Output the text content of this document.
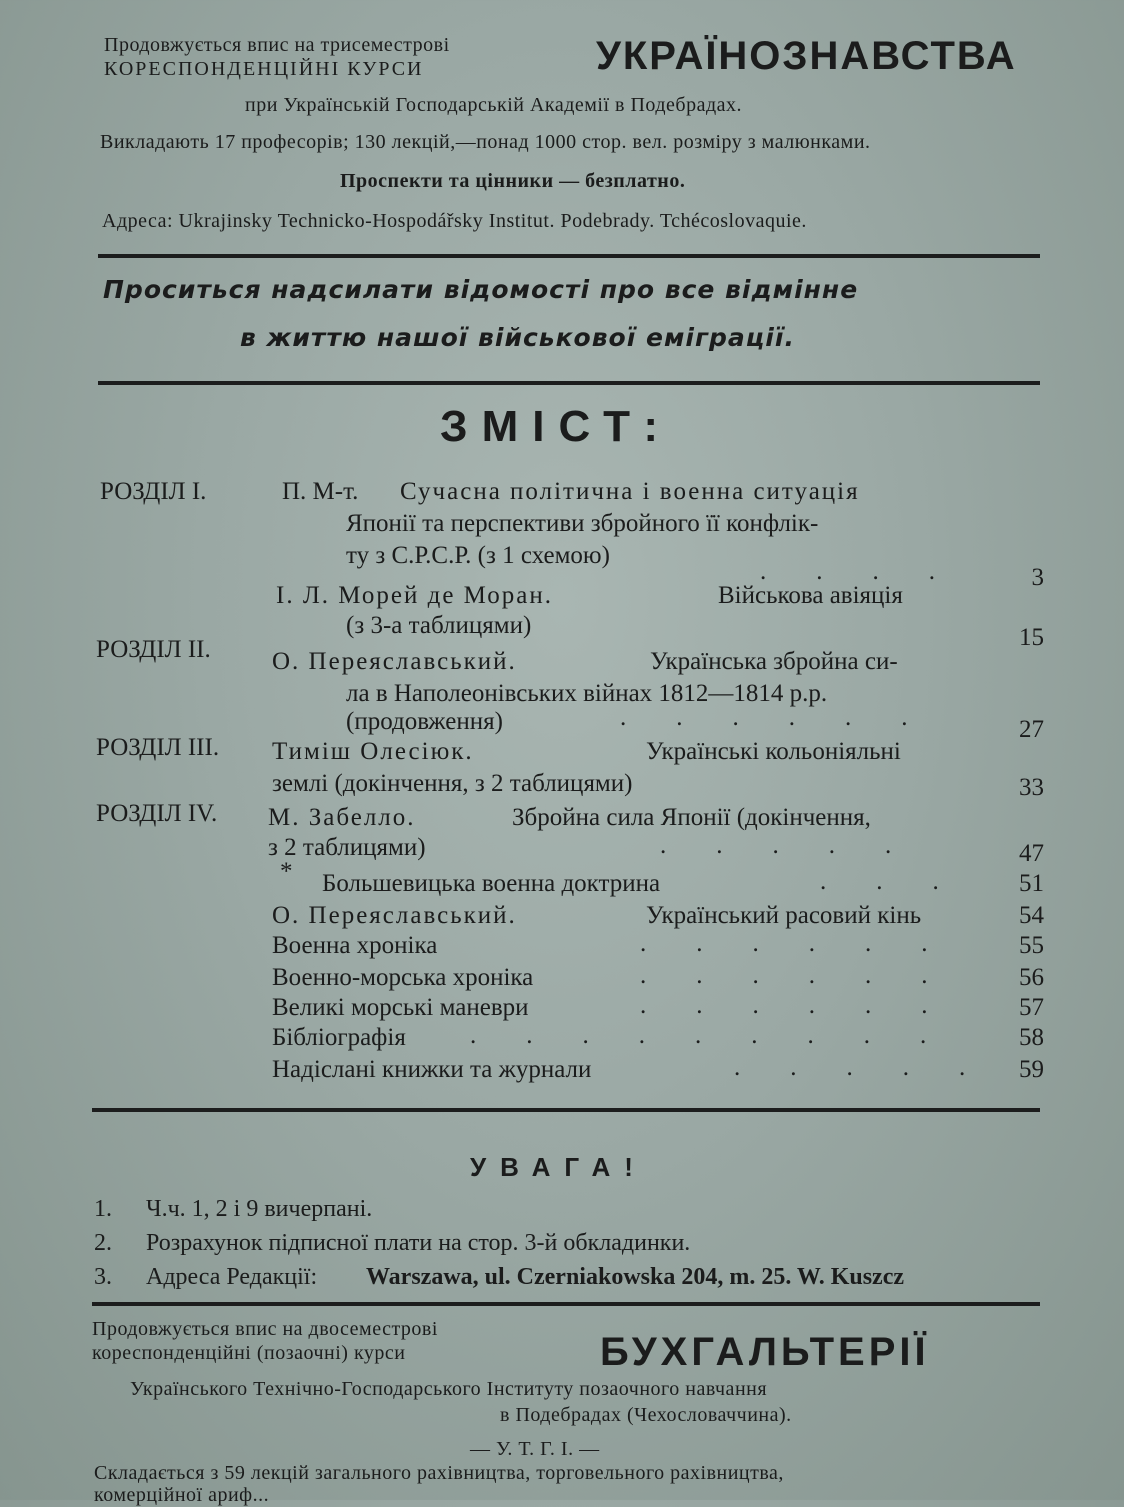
Продовжується впис на трисеместрові
КОРЕСПОНДЕНЦІЙНІ КУРСИ	УКРАЇНОЗНАВСТВА
при Українській Господарській Академії в Подебрадах.
Викладають 17 професорів; 130 лекцій,—понад 1000 стор. вел. розміру з малюнками.
Проспекти та цінники — безплатно.
Адреса: Ukrajinsky Technicko-Hospodářsky Institut. Podebrady. Tchécoslovaquie.
Проситься надсилати відомості про все відмінне
в життю нашої військової еміграції.
ЗМІСТ:
РОЗДІЛ I.	П. М-т. Сучасна політична і военна ситуація
Японії та перспективи збройного її конфлік-
ту з С.Р.С.Р. (з 1 схемою)
.  .  .  .	3
І. Л. Морей де Моран.	Військова авіяція
(з 3-а таблицями)	15
РОЗДІЛ II. О. Переяславський.	Українська збройна си-
ла в Наполеонівських війнах 1812—1814 р.р.
(продовження)	.  .  .  .  .  .	27
РОЗДІЛ III. Тиміш Олесіюк.	Українські кольоніяльні
землі (докінчення, з 2 таблицями)	33
РОЗДІЛ IV. М. Забелло.	Збройна сила Японії (докінчення,
з 2 таблицями)	.  .  .  .  .	47
* Большевицька военна доктрина	.  .  .	51
О. Переяславський.	Український расовий кінь	54
Военна хроніка	.  .  .  .  .  .	55
Военно-морська хроніка	.  .  .  .  .  .	56
Великі морські маневри	.  .  .  .  .  .	57
Бібліографія	.  .  .  .  .  .  .  .  .	58
Надіслані книжки та журнали	.  .  .  .  .	59
УВАГА!
1. Ч.ч. 1, 2 і 9 вичерпані.
2. Розрахунок підписної плати на стор. 3-й обкладинки.
3. Адреса Редакції: Warszawa, ul. Czerniakowska 204, m. 25. W. Kuszcz
Продовжується впис на двосеместрові
кореспонденційні (позаочні) курси	БУХГАЛЬТЕРІЇ
Українського Технічно-Господарського Інституту позаочного навчання
в Подебрадах (Чехословаччина).
— У. Т. Г. І. —
Складається з 59 лекцій загального рахівництва, торговельного рахівництва,
комерційної ариф...
